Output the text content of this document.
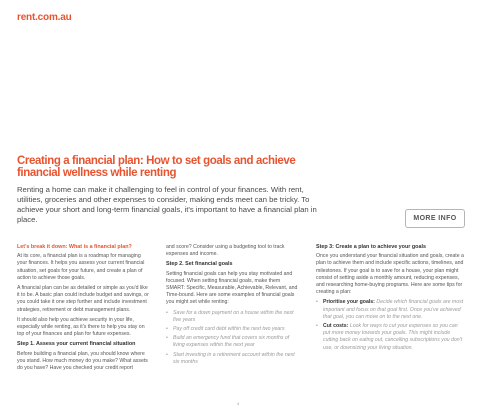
rent.com.au
Creating a financial plan: How to set goals and achieve financial wellness while renting

Renting a home can make it challenging to feel in control of your finances. With rent, utilities, groceries and other expenses to consider, making ends meet can be tricky. To achieve your short and long-term financial goals, it's important to have a financial plan in place.	MORE INFO
Let's break it down: What is a financial plan?

At its core, a financial plan is a roadmap for managing your finances. It helps you assess your current financial situation, set goals for your future, and create a plan of action to achieve those goals.

A financial plan can be as detailed or simple as you'd like it to be. A basic plan could include budget and savings, or you could take it one step further and include investment strategies, retirement or debt management plans.

It should also help you achieve security in your life, especially while renting, as it's there to help you stay on top of your finances and plan for future expenses.

Step 1. Assess your current financial situation

Before building a financial plan, you should know where you stand. How much money do you make? What assets do you have? Have you checked your credit report

and score? Consider using a budgeting tool to track expenses and income.

Step 2. Set financial goals

Setting financial goals can help you stay motivated and focused. When setting financial goals, make them SMART: Specific, Measurable, Achievable, Relevant, and Time-bound. Here are some examples of financial goals you might set while renting:

• Save for a down payment on a house within the next five years
• Pay off credit card debt within the next two years
• Build an emergency fund that covers six months of living expenses within the next year
• Start investing in a retirement account within the next six months
Step 3: Create a plan to achieve your goals

Once you understand your financial situation and goals, create a plan to achieve them and include specific actions, timelines, and milestones. If your goal is to save for a house, your plan might consist of setting aside a monthly amount, reducing expenses, and researching home-buying programs. Here are some tips for creating a plan:

• Prioritise your goals: Decide which financial goals are most important and focus on that goal first. Once you've achieved that goal, you can move on to the next one.
• Cut costs: Look for ways to cut your expenses so you can put more money towards your goals. This might include cutting back on eating out, cancelling subscriptions you don't use, or downsizing your living situation.
4
